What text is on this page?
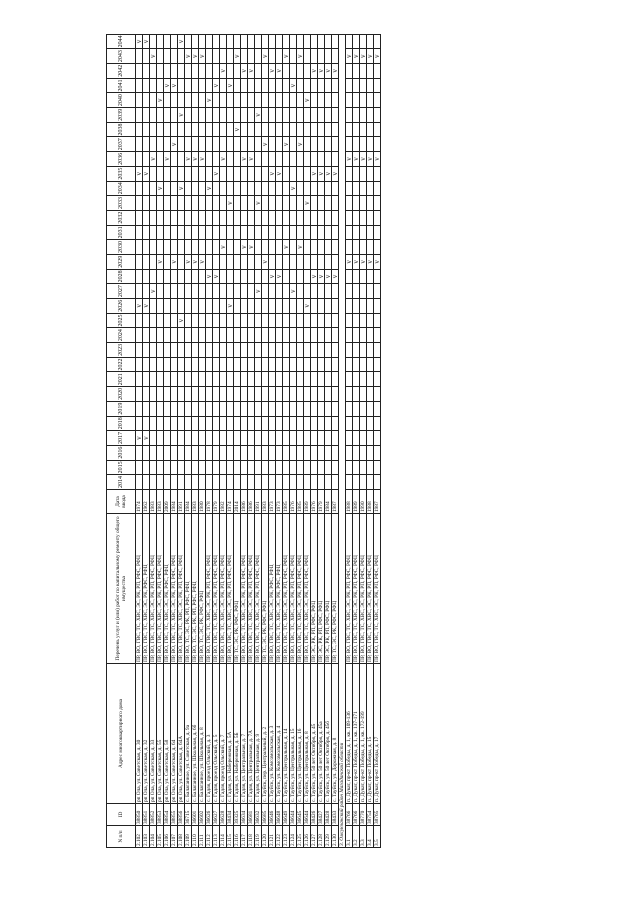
N п/п	ID	Адрес многоквартирного дома	Перечень услуг и (или) работ по капитальному ремонту общего имущества	Дата ввода	2014	2015	2016	2017	2018	2019	2020	2021	2022	2023	2024	2025	2026	2027	2028	2029	2030	2031	2032	2033	2034	2035	2036	2037	2038	2039	2040	2041	2042	2043	2044
2.102	38850	рп Ола, ул. Советская, д. 30	ПР, ВО, ГВС, ТС, ХВС, ЭС, РК, РП, РФС, РФЦ	1974				v									v									v									v
2.103	38851	рп Ола, ул. Советская, д. 32	ПР, ВО, ГВС, ТС, ХВС, ЭС, РК, РФС, РФЦ	1962				v									v									v									v
2.104	38852	рп Ола, ул. Советская, д. 33	ПР, ВО, ГВС, ТС, ХВС, ЭС, РК, РП, РФС, РФЦ	1983														v									v							v	
2.105	38853	рп Ола, ул. Советская, д. 55	ПР, ВО, ГВС, ТС, ХВС, ЭС, РК, РП, РФС, РФЦ	1983																v					v						v				
2.106	38854	рп Ола, ул. Советская, д. 58	ПР, ВО, ГВС, ТС, ХВС, ЭС, РК, РФС, РФЦ	2009																							v					v			
2.107	38855	рп Ола, ул. Советская, д. 64	ПР, ВО, ГВС, ТС, ХВС, ЭС, РК, РП, РФС, РФЦ	1984																v								v				v			
2.108	38856	рп Ола, ул. Советская, д. 64А	ПР, ВО, ГВС, ТС, ХВС, ЭС, РК, РП, РФС, РФЦ	1991												v									v					v					v
2.109	36715	с. Балаганное, ул. Советская, д. 9а	ПР, ВО, ТС, ЭС, РК, РП, РФС, РФЦ	1984																v							v							v	
2.110	36601	с. Балаганное, ул. Школьная, д. 6б	ПР, ВО, ТС, ЭС, РК, РП, РФС, РФЦ	1983																v							v							v	
2.111	36602	с. Балаганное, ул. Школьная, д. 8	ПР, ВО, ТС, ЭС, РК, РФС, РФЦ	1980																v							v							v	
2.112	36626	с. Гадля, проезд Ольский, д. 3	ПР, ВО, ГВС, ТС, ХВС, ЭС, РК, РП, РФС, РФЦ	1978															v						v						v				
2.113	36627	с. Гадля, проезд Ольский, д. 5	ПР, ВО, ГВС, ТС, ХВС, ЭС, РК, РП, РФС, РФЦ	1979															v							v						v			
2.114	36628	с. Гадля, проезд Ольский, д. 7	ПР, ВО, ГВС, ТС, ХВС, ЭС, РК, РП, РФС, РФЦ	1982																	v						v						v		
2.115	38434	с. Гадля, ул. Набережная, д. 5А	ПР, ВО, ГВС, ТС, ХВС, ЭС, РК, РП, РФС, РФЦ	1974													v							v								v			
2.116	39325	с. Гадля, ул. Набережная, д. 5Б	ПР, ТС, ЭС, РК, РФС, РФЦ	2014																									v					v	
2.117	36634	с. Гадля, ул. Центральная, д. 7	ПР, ВО, ГВС, ТС, ХВС, ЭС, РК, РП, РФС, РФЦ	1986																	v						v						v		
2.118	36681	с. Гадля, ул. Центральная, д. 7А	ПР, ВО, ГВС, ТС, ХВС, ЭС, РК, РП, РФС, РФЦ	1986																	v						v						v		
2.119	36632	с. Гадля, ул. Центральная, д. 9	ПР, ВО, ГВС, ТС, ХВС, ЭС, РК, РП, РФС, РФЦ	1991														v						v						v					
2.120	36685	с. Тауйск, пер. Центральный, д. 2	ПР, ТС, ЭС, РК, РФС, РФЦ	1983																v								v						v	
2.121	36646	с. Тауйск, ул. Комсомольская, д. 3	ПР, ВО, ГВС, ТС, ХВС, ЭС, РК, РФС, РФЦ	1973															v							v							v		
2.122	36648	с. Тауйск, ул. Комсомольская, д. 4	ПР, ВО, ГВС, ТС, ХВС, ЭС, РК, РФС, РФЦ	1973															v							v							v		
2.123	36649	с. Тауйск, ул. Центральная, д. 14	ПР, ВО, ГВС, ТС, ХВС, ЭС, РК, РП, РФС, РФЦ	1985																	v							v						v	
2.124	36644	с. Тауйск, ул. Центральная, д. 15	ПР, ВО, ГВС, ТС, ХВС, ЭС, РК, РП, РФС, РФЦ	1976														v							v							v			
2.125	36645	с. Тауйск, ул. Центральная, д. 16	ПР, ВО, ГВС, ТС, ХВС, ЭС, РК, РП, РФС, РФЦ	1985																	v							v						v	
2.126	36644	с. Тауйск, ул. Центральная, д. 8	ПР, ВО, ГВС, ТС, ХВС, ЭС, РК, РП, РФС, РФЦ	1989													v							v							v				
2.127	38426	с. Тауйск, ул. 50 лет Октября, д. 45	ПР, ЭС, РК, РП, РФС, РФЦ	1976															v							v							v		
2.128	38427	с. Тауйск, ул. 50 лет Октября, д. 45а	ПР, ЭС, РК, РП, РФС, РФЦ	1979															v							v							v		
2.129	38428	с. Тауйск, ул. 50 лет Октября, д. 45б	ПР, ЭС, РК, РП, РФС, РФЦ	1984															v							v							v		
2.130	38433	с. Тауйск, ул. Дорожная, д. 8	ПР, ТС, ЭС, РК, РФС, РФЦ	1987															v							v							v		
3. Омсукчанский район Магаданской области																																			
3.1	38766	п. Дукат, пр-кт Победы, д. 1, кв. 109-136	ПР, ВО, ГВС, ТС, ХВС, ЭС, РК, РП, РФС, РФЦ	1988																v							v							v	
3.2	38766	п. Дукат, пр-кт Победы, д. 1, кв. 137-171	ПР, ВО, ГВС, ТС, ХВС, ЭС, РК, РП, РФС, РФЦ	1989																v							v							v	
3.3	38770	п. Дукат, пр-кт Победы, д. 1, кв. 172-199	ПР, ВО, ГВС, ТС, ХВС, ЭС, РК, РП, РФС, РФЦ	1990																v							v							v	
3.4	38754	п. Дукат, пр-кт Победы, д. 15	ПР, ВО, ГВС, ТС, ХВС, ЭС, РК, РП, РФС, РФЦ	1988																v							v							v	
3.5	38765	п. Дукат, пр-кт Победы, д. 17	ПР, ВО, ГВС, ТС, ХВС, ЭС, РК, РП, РФС, РФЦ	1987																v							v							v	
